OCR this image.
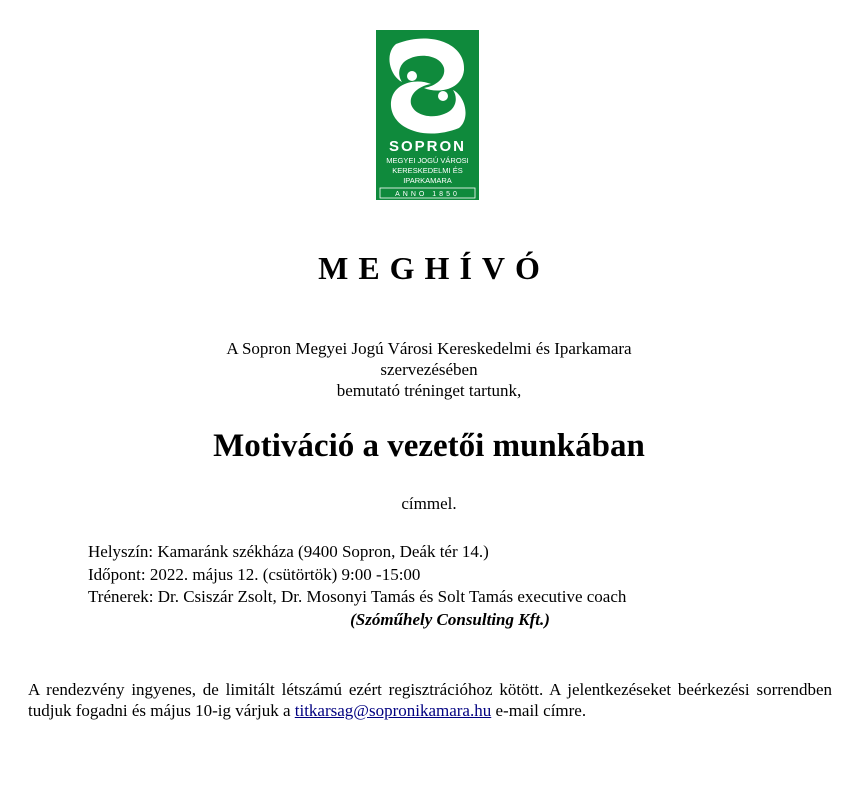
SOPRON
MEGYEI JOGÚ VÁROSI
KERESKEDELMI ÉS
IPARKAMARA
ANNO 1850
MEGHÍVÓ
A Sopron Megyei Jogú Városi Kereskedelmi és Iparkamara
szervezésében
bemutató tréninget tartunk,
Motiváció a vezetői munkában
címmel.
Helyszín: Kamaránk székháza (9400 Sopron, Deák tér 14.)
Időpont: 2022. május 12. (csütörtök) 9:00 -15:00
Trénerek: Dr. Csiszár Zsolt, Dr. Mosonyi Tamás és Solt Tamás executive coach
(Szóműhely Consulting Kft.)
A rendezvény ingyenes, de limitált létszámú ezért regisztrációhoz kötött. A jelentkezéseket beérkezési sorrendben tudjuk fogadni és május 10-ig várjuk a titkarsag@sopronikamara.hu e-mail címre.
